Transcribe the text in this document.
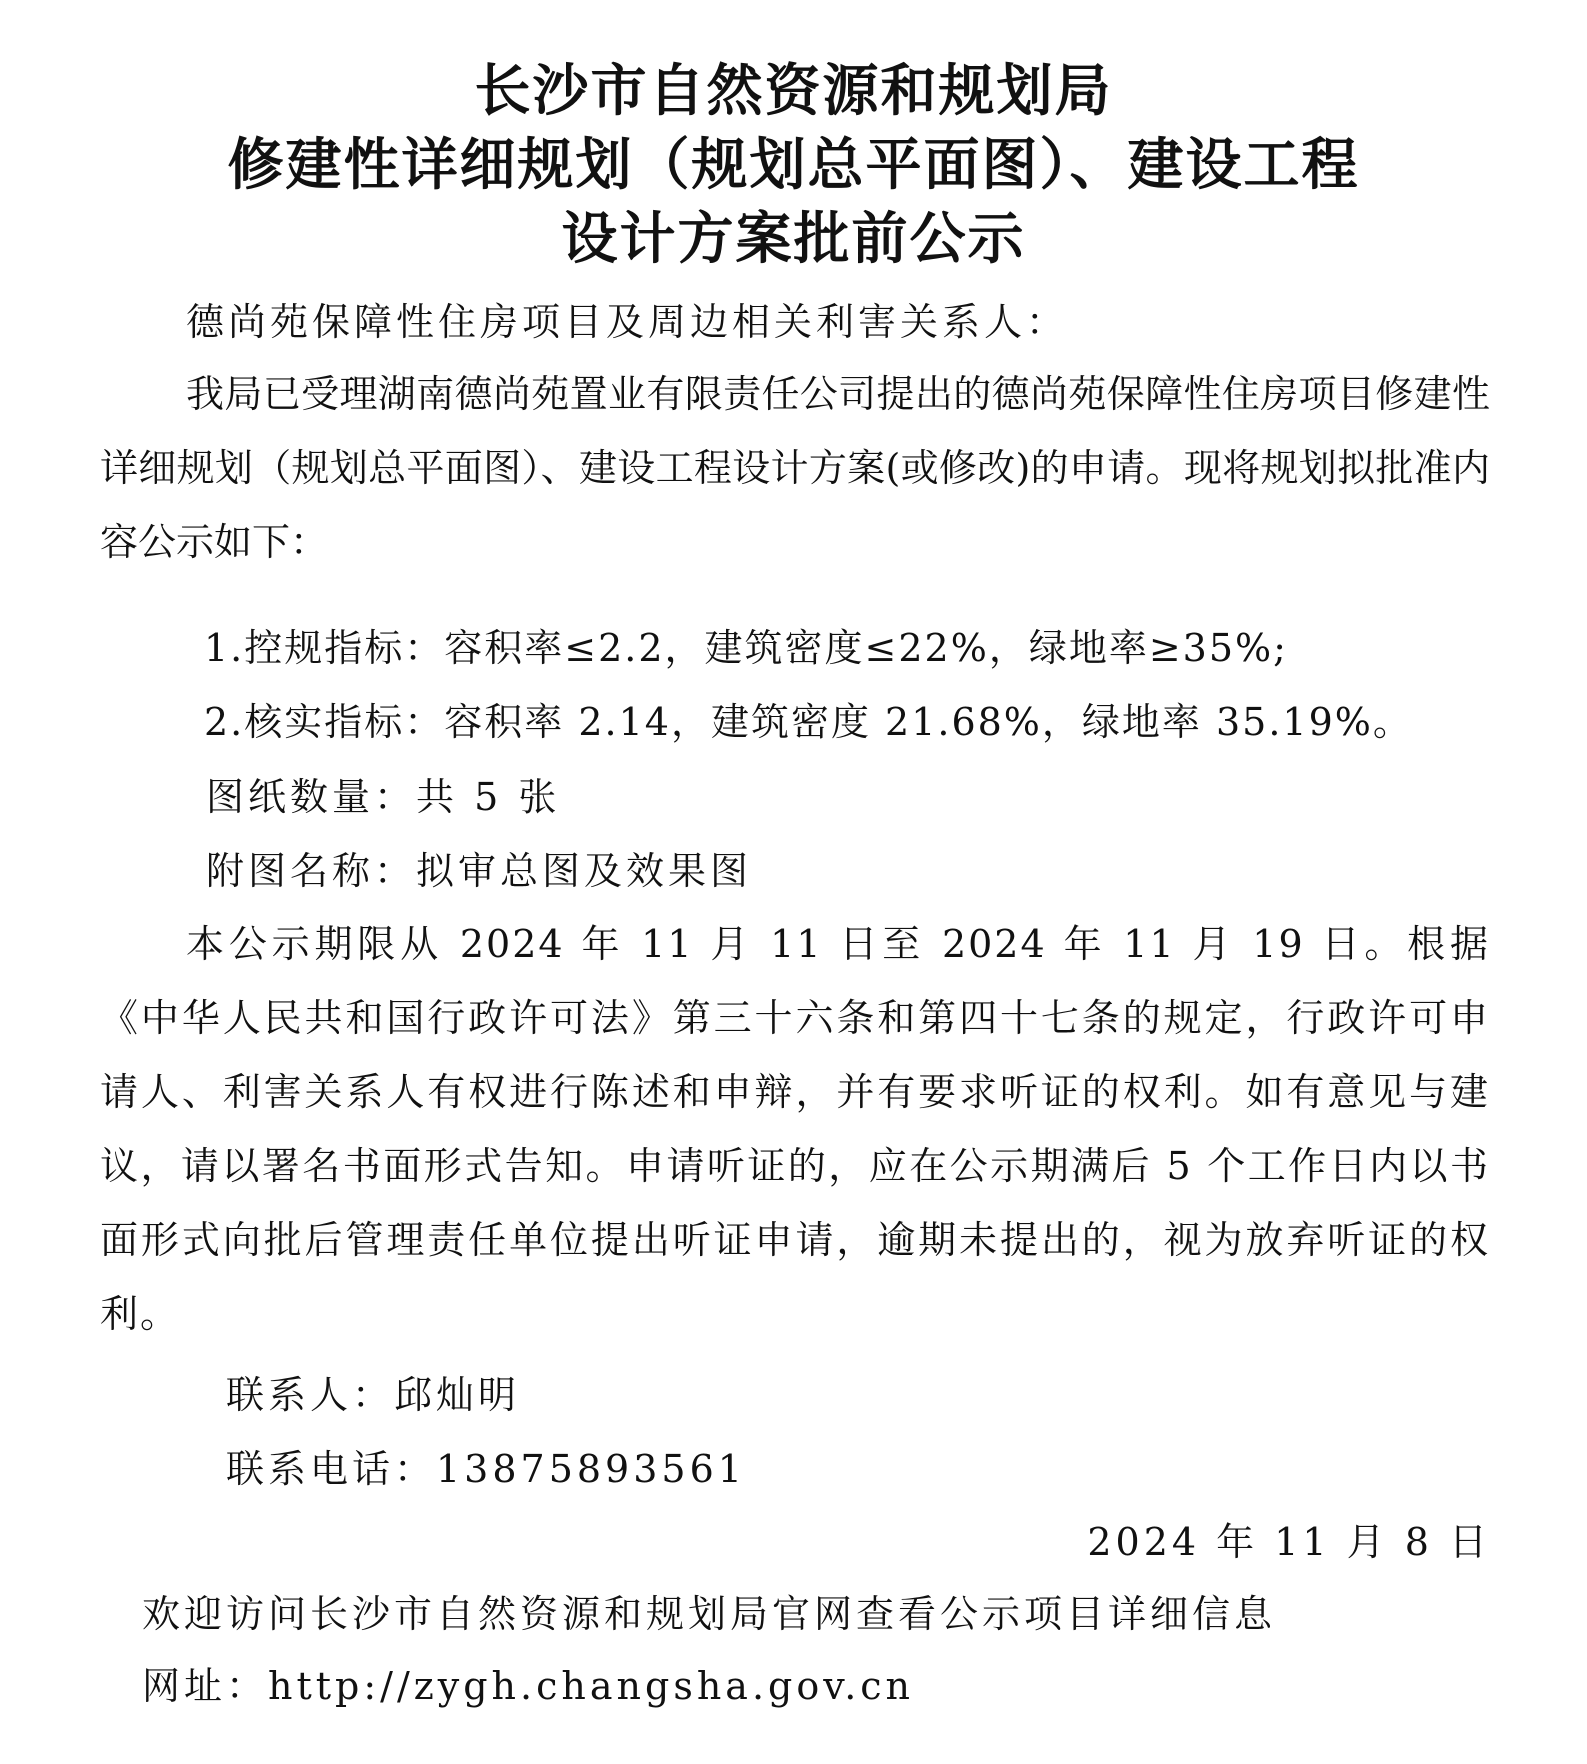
长沙市自然资源和规划局
修建性详细规划（规划总平面图）、建设工程
设计方案批前公示

德尚苑保障性住房项目及周边相关利害关系人：

我局已受理湖南德尚苑置业有限责任公司提出的德尚苑保障性住房项目修建性详细规划（规划总平面图）、建设工程设计方案(或修改)的申请。现将规划拟批准内容公示如下：

1.控规指标：容积率≤2.2，建筑密度≤22%，绿地率≥35%;

2.核实指标：容积率 2.14，建筑密度 21.68%，绿地率 35.19%。

图纸数量：共 5 张

附图名称：拟审总图及效果图

本公示期限从 2024 年 11 月 11 日至 2024 年 11 月 19 日。根据《中华人民共和国行政许可法》第三十六条和第四十七条的规定，行政许可申请人、利害关系人有权进行陈述和申辩，并有要求听证的权利。如有意见与建议，请以署名书面形式告知。申请听证的，应在公示期满后 5 个工作日内以书面形式向批后管理责任单位提出听证申请，逾期未提出的，视为放弃听证的权利。

联系人：邱灿明

联系电话：13875893561

2024 年 11 月 8 日

欢迎访问长沙市自然资源和规划局官网查看公示项目详细信息

网址：http://zygh.changsha.gov.cn
